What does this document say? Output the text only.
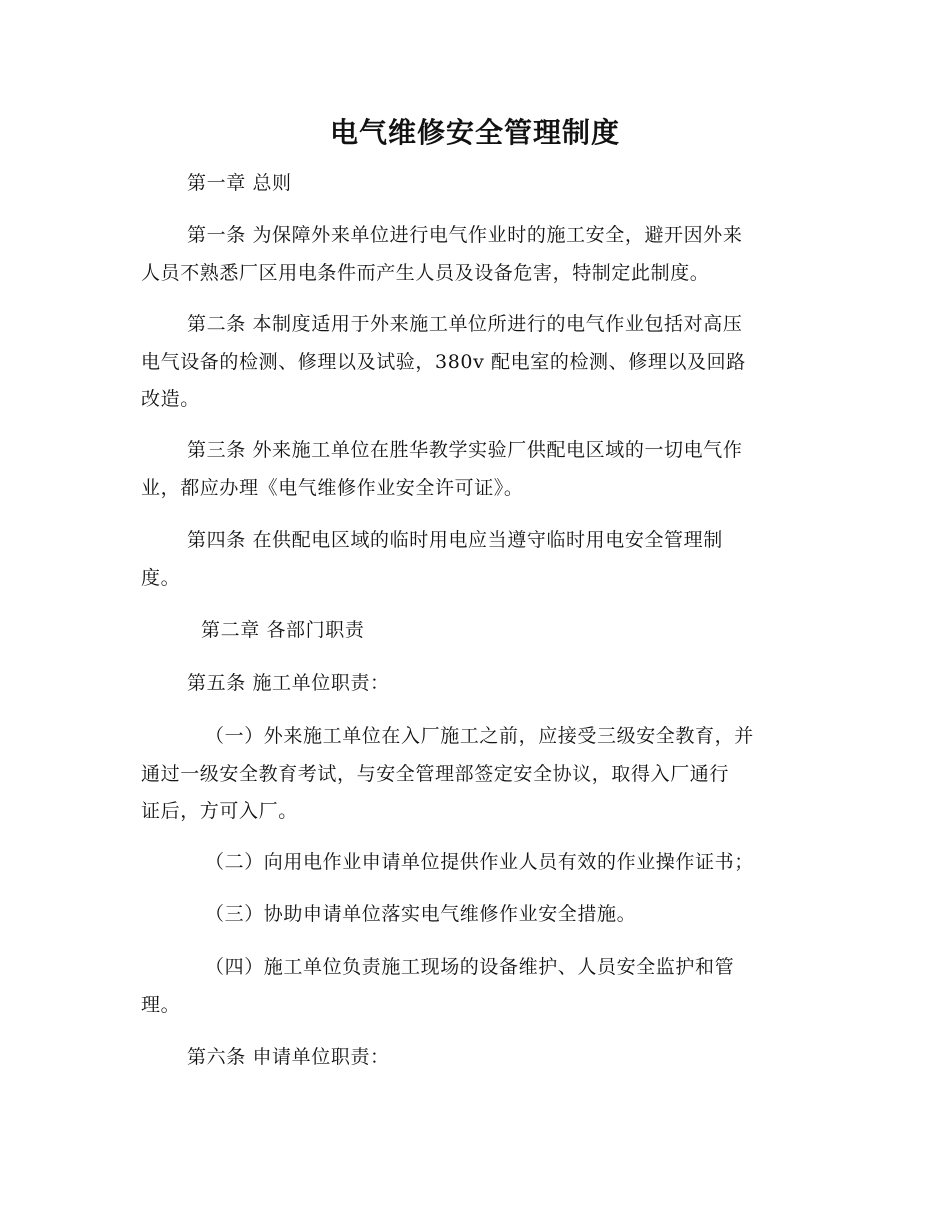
电气维修安全管理制度
第一章 总则
第一条 为保障外来单位进行电气作业时的施工安全，避开因外来
人员不熟悉厂区用电条件而产生人员及设备危害，特制定此制度。
第二条 本制度适用于外来施工单位所进行的电气作业包括对高压
电气设备的检测、修理以及试验，380v 配电室的检测、修理以及回路
改造。
第三条 外来施工单位在胜华教学实验厂供配电区域的一切电气作
业，都应办理《电气维修作业安全许可证》。
第四条 在供配电区域的临时用电应当遵守临时用电安全管理制
度。
第二章 各部门职责
第五条 施工单位职责：
（一）外来施工单位在入厂施工之前，应接受三级安全教育，并
通过一级安全教育考试，与安全管理部签定安全协议，取得入厂通行
证后，方可入厂。
（二）向用电作业申请单位提供作业人员有效的作业操作证书；
（三）协助申请单位落实电气维修作业安全措施。
（四）施工单位负责施工现场的设备维护、人员安全监护和管
理。
第六条 申请单位职责：
